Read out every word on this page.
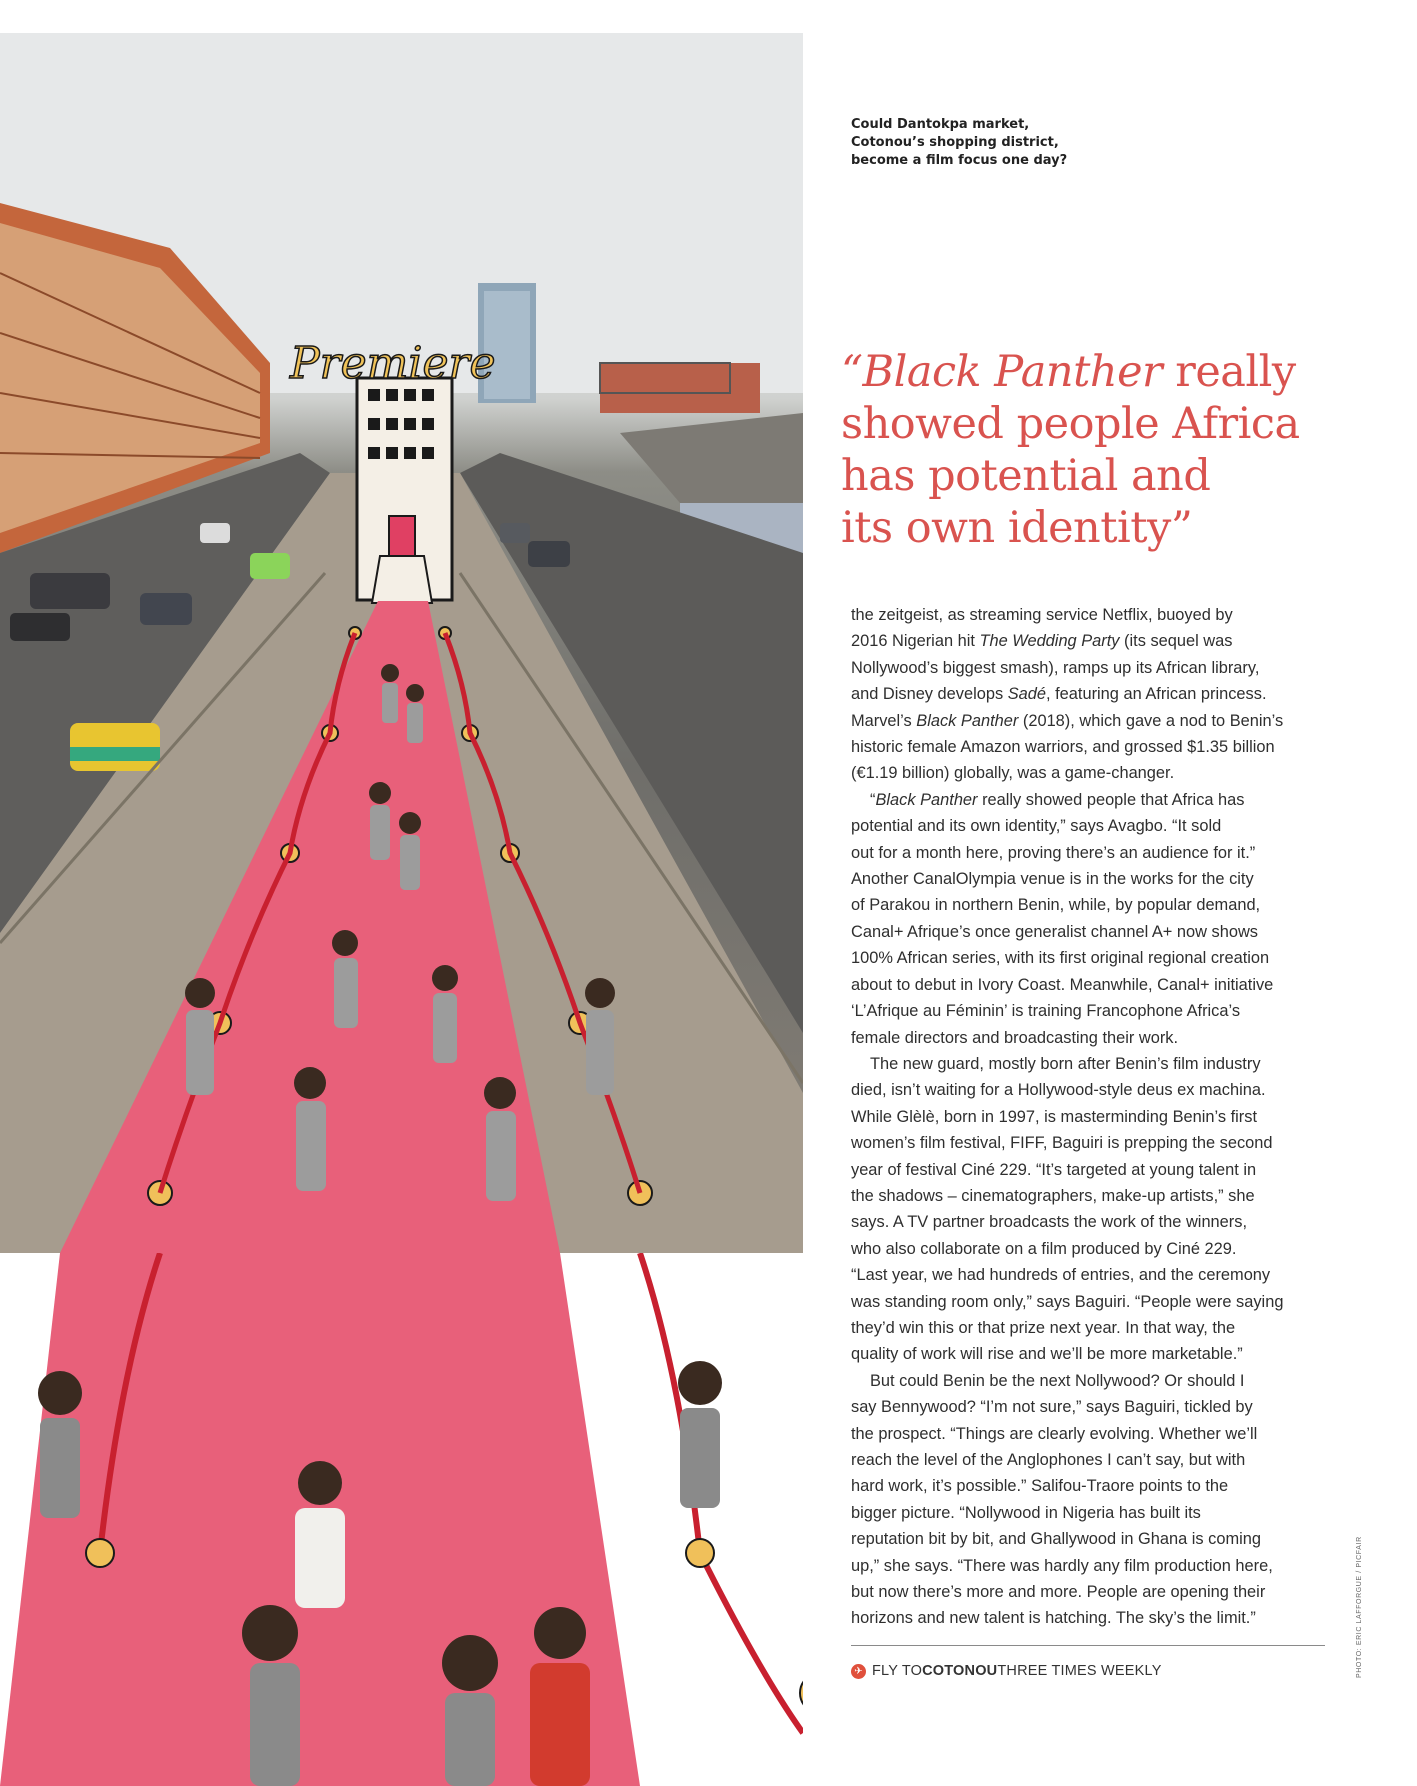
Premiere
Could Dantokpa market,
Cotonou’s shopping district,
become a film focus one day?
“Black Panther really
showed people Africa
has potential and
its own identity”

the zeitgeist, as streaming service Netflix, buoyed by
2016 Nigerian hit The Wedding Party (its sequel was
Nollywood’s biggest smash), ramps up its African library,
and Disney develops Sadé, featuring an African princess.
Marvel’s Black Panther (2018), which gave a nod to Benin’s
historic female Amazon warriors, and grossed $1.35 billion
(€1.19 billion) globally, was a game-changer.

“Black Panther really showed people that Africa has
potential and its own identity,” says Avagbo. “It sold
out for a month here, proving there’s an audience for it.”
Another CanalOlympia venue is in the works for the city
of Parakou in northern Benin, while, by popular demand,
Canal+ Afrique’s once generalist channel A+ now shows
100% African series, with its first original regional creation
about to debut in Ivory Coast. Meanwhile, Canal+ initiative
‘L’Afrique au Féminin’ is training Francophone Africa’s
female directors and broadcasting their work.

The new guard, mostly born after Benin’s film industry
died, isn’t waiting for a Hollywood-style deus ex machina.
While Glèlè, born in 1997, is masterminding Benin’s first
women’s film festival, FIFF, Baguiri is prepping the second
year of festival Ciné 229. “It’s targeted at young talent in
the shadows – cinematographers, make-up artists,” she
says. A TV partner broadcasts the work of the winners,
who also collaborate on a film produced by Ciné 229.
“Last year, we had hundreds of entries, and the ceremony
was standing room only,” says Baguiri. “People were saying
they’d win this or that prize next year. In that way, the
quality of work will rise and we’ll be more marketable.”

But could Benin be the next Nollywood? Or should I
say Bennywood? “I’m not sure,” says Baguiri, tickled by
the prospect. “Things are clearly evolving. Whether we’ll
reach the level of the Anglophones I can’t say, but with
hard work, it’s possible.” Salifou-Traore points to the
bigger picture. “Nollywood in Nigeria has built its
reputation bit by bit, and Ghallywood in Ghana is coming
up,” she says. “There was hardly any film production here,
but now there’s more and more. People are opening their
horizons and new talent is hatching. The sky’s the limit.”

✈ FLY TO COTONOU THREE TIMES WEEKLY	PHOTO: ERIC LAFFORGUE / PICFAIR
